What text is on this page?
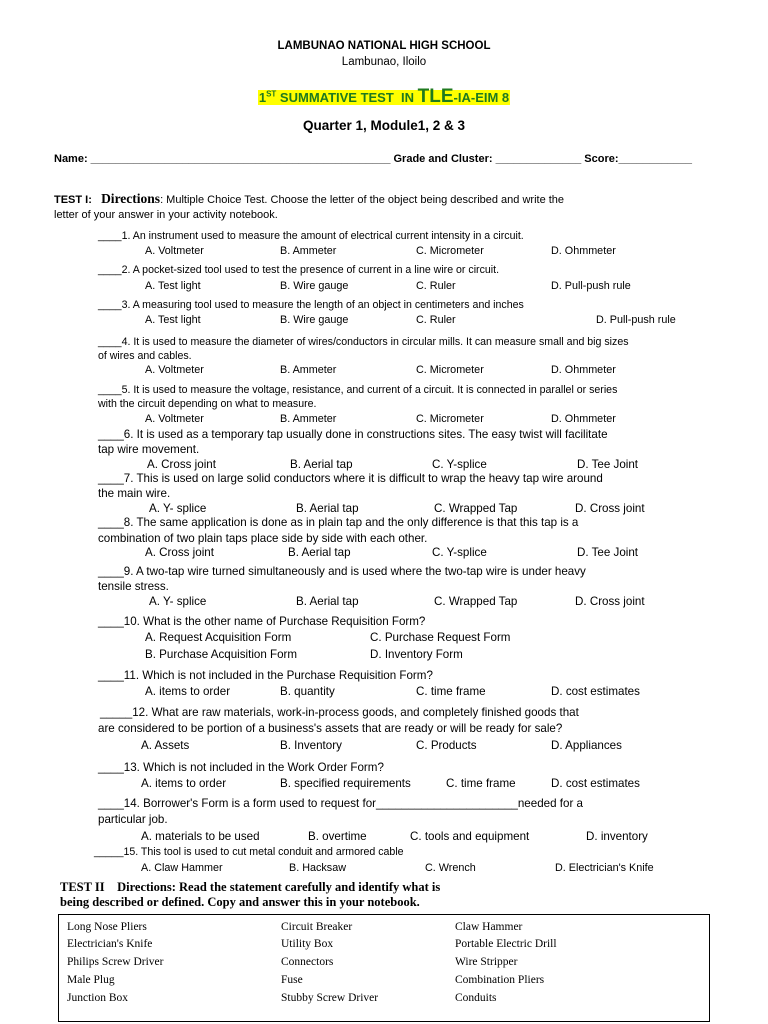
LAMBUNAO NATIONAL HIGH SCHOOL
Lambunao, Iloilo
1ST SUMMATIVE TEST  IN TLE-IA-EIM 8
Quarter 1, Module1, 2 & 3
Name: _________________________________________________ Grade and Cluster: ______________ Score:____________
TEST I: Directions: Multiple Choice Test. Choose the letter of the object being described and write the
letter of your answer in your activity notebook.
____1. An instrument used to measure the amount of electrical current intensity in a circuit.
A. Voltmeter	B. Ammeter	C. Micrometer	D. Ohmmeter
____2. A pocket-sized tool used to test the presence of current in a line wire or circuit.
A. Test light	B. Wire gauge	C. Ruler	D. Pull-push rule
____3. A measuring tool used to measure the length of an object in centimeters and inches
A. Test light	B. Wire gauge	C. Ruler	D. Pull-push rule
____4. It is used to measure the diameter of wires/conductors in circular mills. It can measure small and big sizes
of wires and cables.
A. Voltmeter	B. Ammeter	C. Micrometer	D. Ohmmeter
____5. It is used to measure the voltage, resistance, and current of a circuit. It is connected in parallel or series
with the circuit depending on what to measure.
A. Voltmeter	B. Ammeter	C. Micrometer	D. Ohmmeter
____6. It is used as a temporary tap usually done in constructions sites. The easy twist will facilitate
tap wire movement.
A. Cross joint	B. Aerial tap	C. Y-splice	D. Tee Joint
____7. This is used on large solid conductors where it is difficult to wrap the heavy tap wire around
the main wire.
A. Y- splice	B. Aerial tap	C. Wrapped Tap	D. Cross joint
____8. The same application is done as in plain tap and the only difference is that this tap is a
combination of two plain taps place side by side with each other.
A. Cross joint	B. Aerial tap	C. Y-splice	D. Tee Joint
____9. A two-tap wire turned simultaneously and is used where the two-tap wire is under heavy
tensile stress.
A. Y- splice	B. Aerial tap	C. Wrapped Tap	D. Cross joint
____10. What is the other name of Purchase Requisition Form?
A. Request Acquisition Form	C. Purchase Request Form
B. Purchase Acquisition Form	D. Inventory Form
____11. Which is not included in the Purchase Requisition Form?
A. items to order	B. quantity	C. time frame	D. cost estimates
_____12. What are raw materials, work-in-process goods, and completely finished goods that
are considered to be portion of a business's assets that are ready or will be ready for sale?
A. Assets	B. Inventory	C. Products	D. Appliances
____13. Which is not included in the Work Order Form?
A. items to order	B. specified requirements	C. time frame	D. cost estimates
____14. Borrower's Form is a form used to request for______________________needed for a
particular job.
A. materials to be used	B. overtime	C. tools and equipment	D. inventory
_____15. This tool is used to cut metal conduit and armored cable
A. Claw Hammer	B. Hacksaw	C. Wrench	D. Electrician's Knife
TEST II Directions: Read the statement carefully and identify what is
being described or defined. Copy and answer this in your notebook.
Long Nose Pliers	Circuit Breaker	Claw Hammer
Electrician's Knife	Utility Box	Portable Electric Drill
Philips Screw Driver	Connectors	Wire Stripper
Male Plug	Fuse	Combination Pliers
Junction Box	Stubby Screw Driver	Conduits
